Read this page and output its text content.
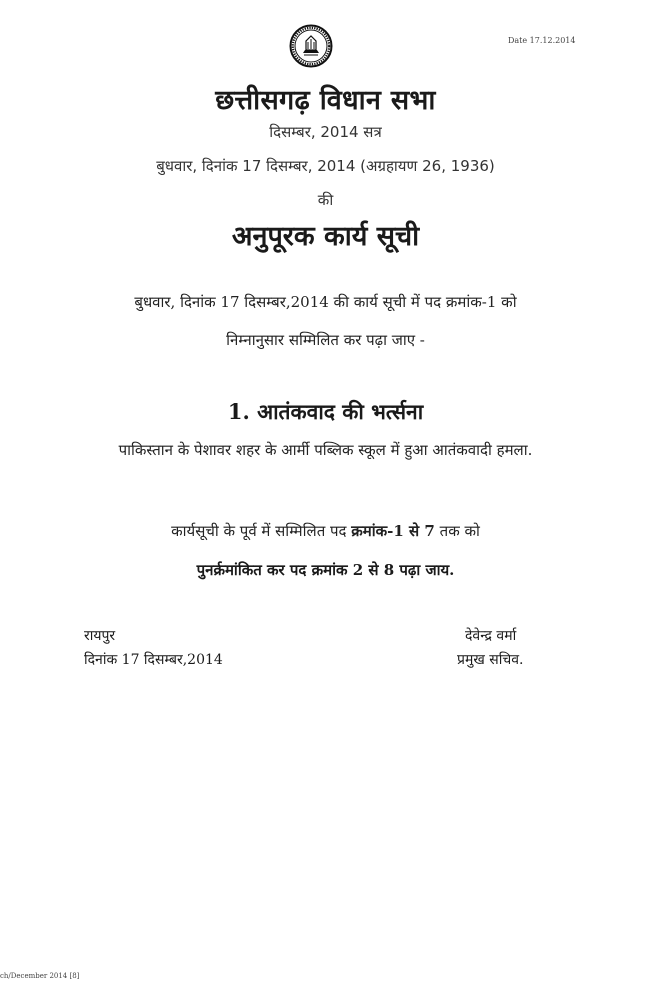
Date 17.12.2014
छत्तीसगढ़ विधान सभा
दिसम्बर, 2014 सत्र
बुधवार, दिनांक 17 दिसम्बर, 2014 (अग्रहायण 26, 1936)
की
अनुपूरक कार्य सूची
बुधवार, दिनांक 17 दिसम्बर,2014 की कार्य सूची में पद क्रमांक-1 को
निम्नानुसार सम्मिलित कर पढ़ा जाए -
1. आतंकवाद की भर्त्सना
पाकिस्तान के पेशावर शहर के आर्मी पब्लिक स्कूल में हुआ आतंकवादी हमला.
कार्यसूची के पूर्व में सम्मिलित पद क्रमांक-1 से 7 तक को
पुनर्क्रमांकित कर पद क्रमांक 2 से 8 पढ़ा जाय.
रायपुर
दिनांक 17 दिसम्बर,2014
देवेन्द्र वर्मा
प्रमुख सचिव.
ch/December 2014 [8]
